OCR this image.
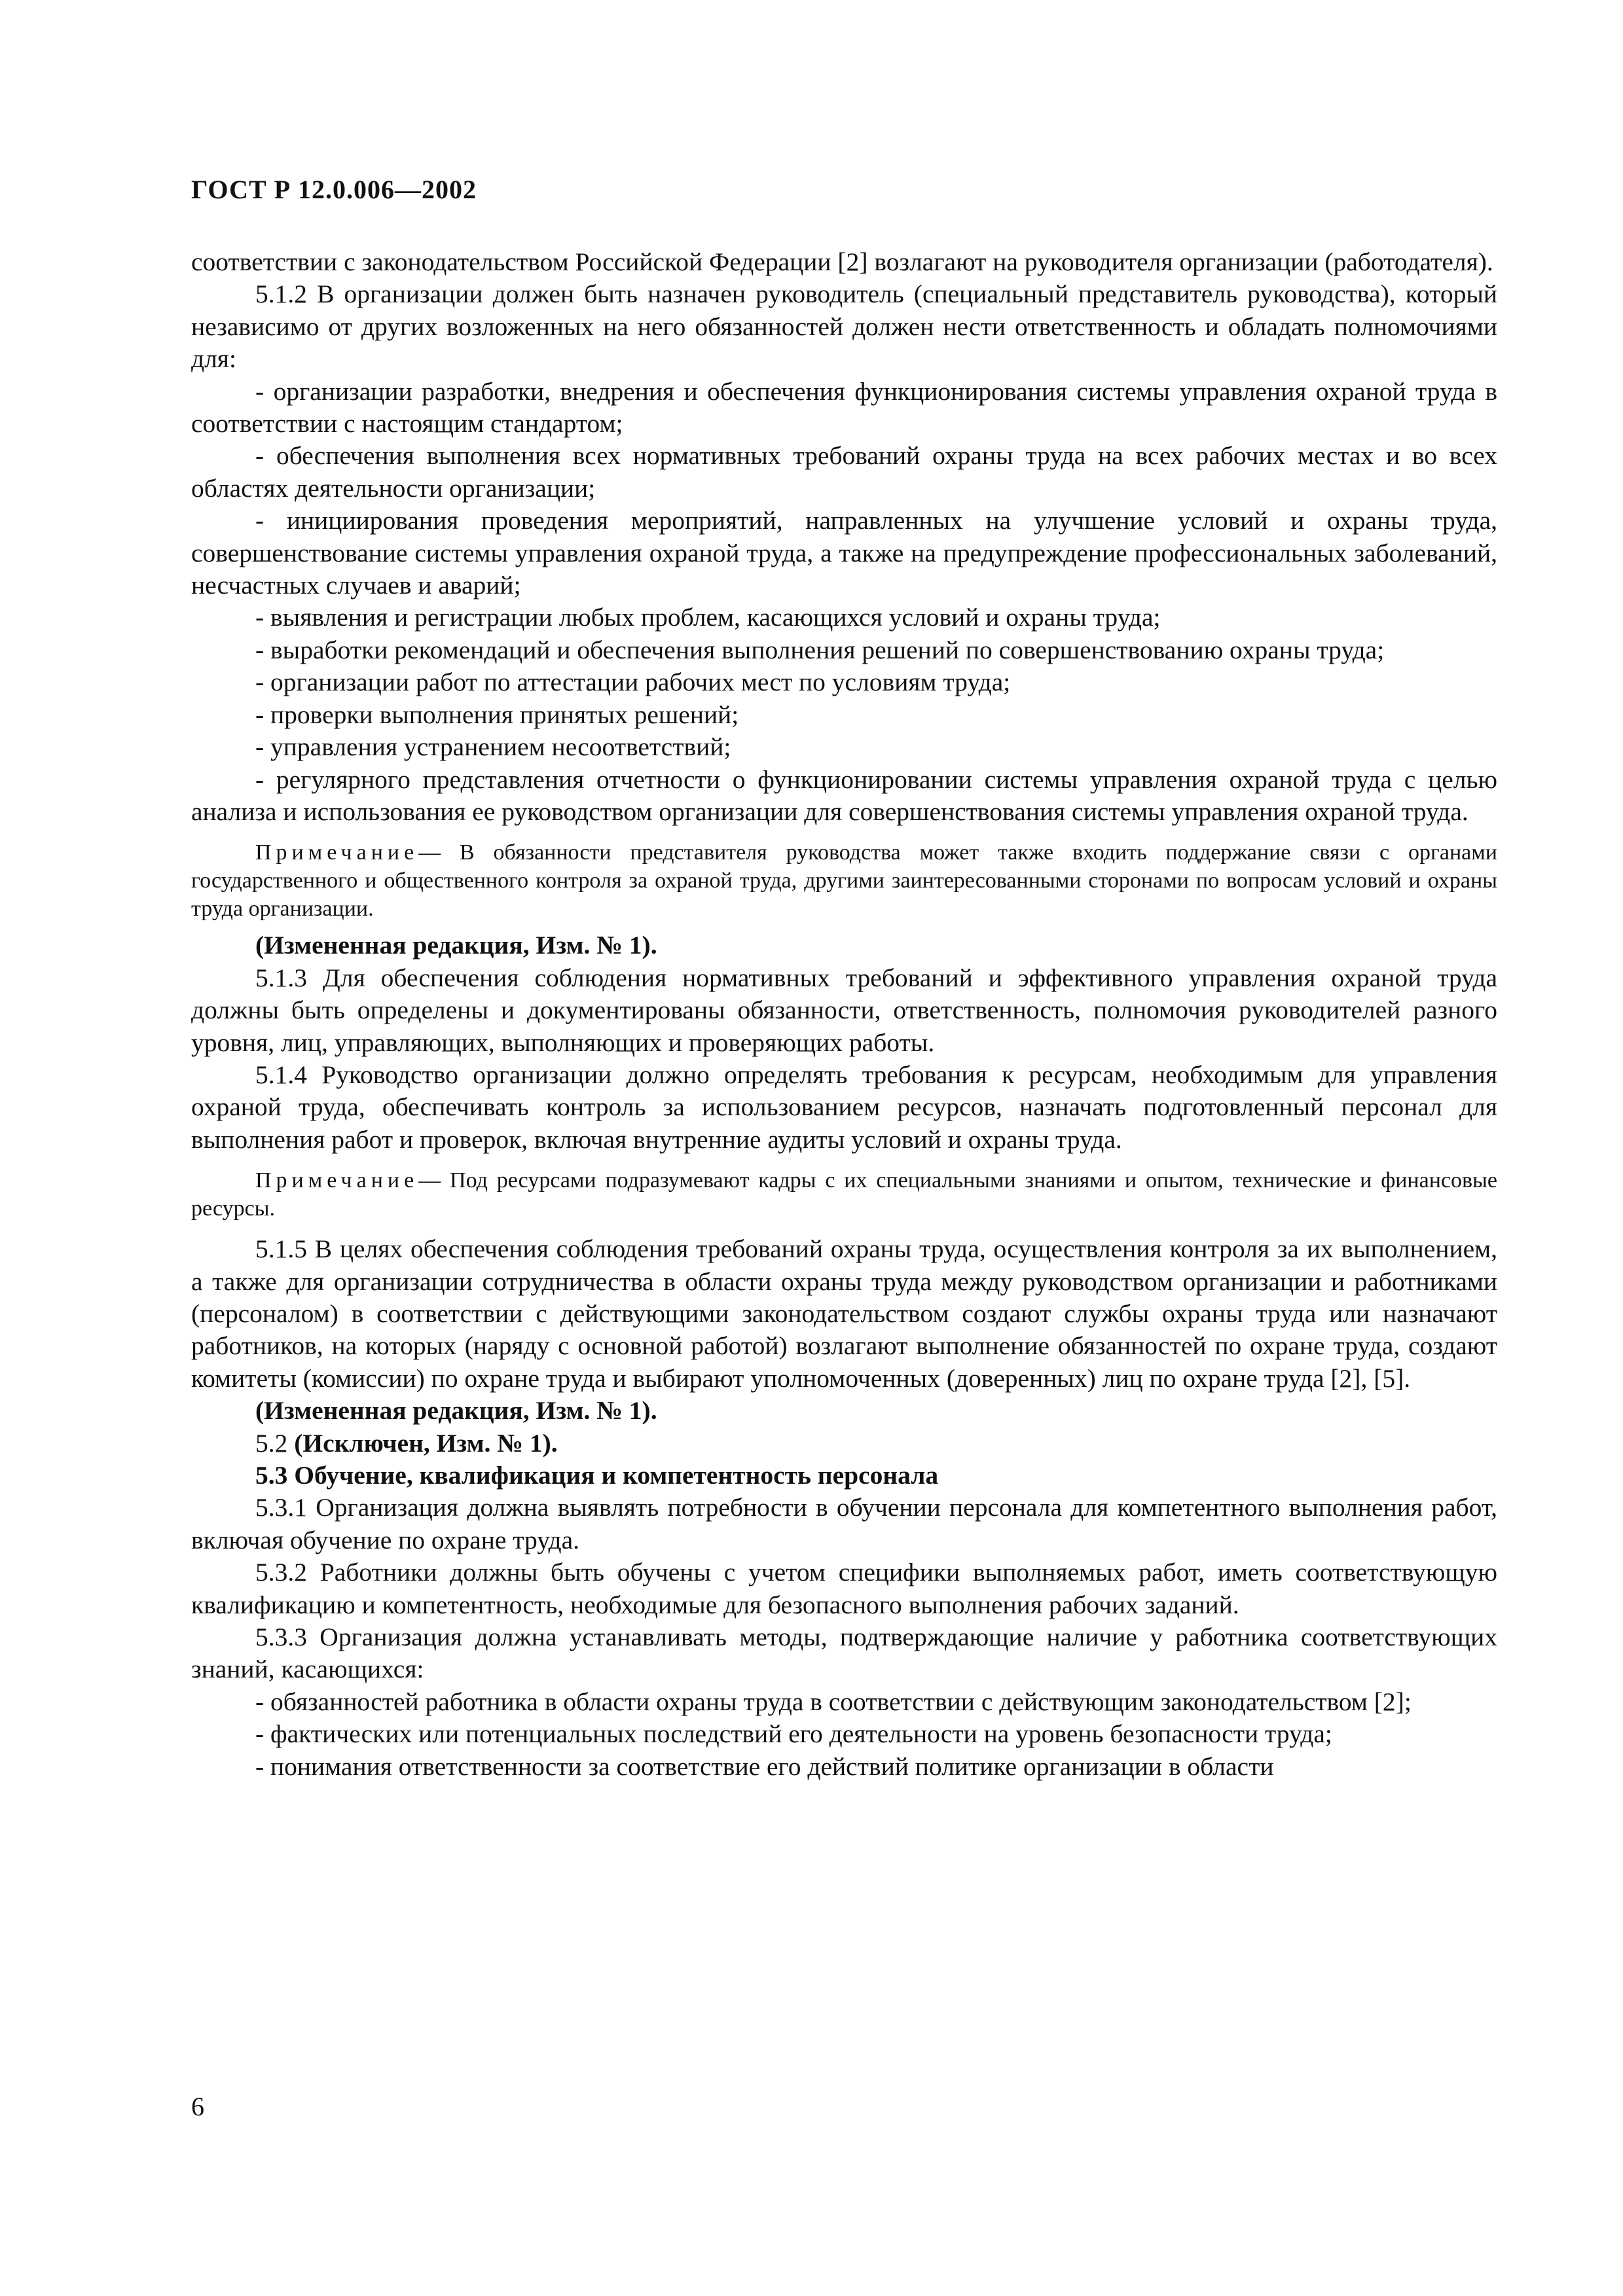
ГОСТ Р 12.0.006—2002

соответствии с законодательством Российской Федерации [2] возлагают на руководителя организации (работодателя).

5.1.2 В организации должен быть назначен руководитель (специальный представитель руководства), который независимо от других возложенных на него обязанностей должен нести ответственность и обладать полномочиями для:

- организации разработки, внедрения и обеспечения функционирования системы управления охраной труда в соответствии с настоящим стандартом;

- обеспечения выполнения всех нормативных требований охраны труда на всех рабочих местах и во всех областях деятельности организации;

- инициирования проведения мероприятий, направленных на улучшение условий и охраны труда, совершенствование системы управления охраной труда, а также на предупреждение профессиональных заболеваний, несчастных случаев и аварий;

- выявления и регистрации любых проблем, касающихся условий и охраны труда;

- выработки рекомендаций и обеспечения выполнения решений по совершенствованию охраны труда;

- организации работ по аттестации рабочих мест по условиям труда;

- проверки выполнения принятых решений;

- управления устранением несоответствий;

- регулярного представления отчетности о функционировании системы управления охраной труда с целью анализа и использования ее руководством организации для совершенствования системы управления охраной труда.

Примечание— В обязанности представителя руководства может также входить поддержание связи с органами государственного и общественного контроля за охраной труда, другими заинтересованными сторонами по вопросам условий и охраны труда организации.

(Измененная редакция, Изм. № 1).

5.1.3 Для обеспечения соблюдения нормативных требований и эффективного управления охраной труда должны быть определены и документированы обязанности, ответственность, полномочия руководителей разного уровня, лиц, управляющих, выполняющих и проверяющих работы.

5.1.4 Руководство организации должно определять требования к ресурсам, необходимым для управления охраной труда, обеспечивать контроль за использованием ресурсов, назначать подготовленный персонал для выполнения работ и проверок, включая внутренние аудиты условий и охраны труда.

Примечание— Под ресурсами подразумевают кадры с их специальными знаниями и опытом, технические и финансовые ресурсы.

5.1.5 В целях обеспечения соблюдения требований охраны труда, осуществления контроля за их выполнением, а также для организации сотрудничества в области охраны труда между руководством организации и работниками (персоналом) в соответствии с действующими законодательством создают службы охраны труда или назначают работников, на которых (наряду с основной работой) возлагают выполнение обязанностей по охране труда, создают комитеты (комиссии) по охране труда и выбирают уполномоченных (доверенных) лиц по охране труда [2], [5].

(Измененная редакция, Изм. № 1).

5.2 (Исключен, Изм. № 1).

5.3 Обучение, квалификация и компетентность персонала

5.3.1 Организация должна выявлять потребности в обучении персонала для компетентного выполнения работ, включая обучение по охране труда.

5.3.2 Работники должны быть обучены с учетом специфики выполняемых работ, иметь соответствующую квалификацию и компетентность, необходимые для безопасного выполнения рабочих заданий.

5.3.3 Организация должна устанавливать методы, подтверждающие наличие у работника соответствующих знаний, касающихся:

- обязанностей работника в области охраны труда в соответствии с действующим законодательством [2];

- фактических или потенциальных последствий его деятельности на уровень безопасности труда;

- понимания ответственности за соответствие его действий политике организации в области

6
